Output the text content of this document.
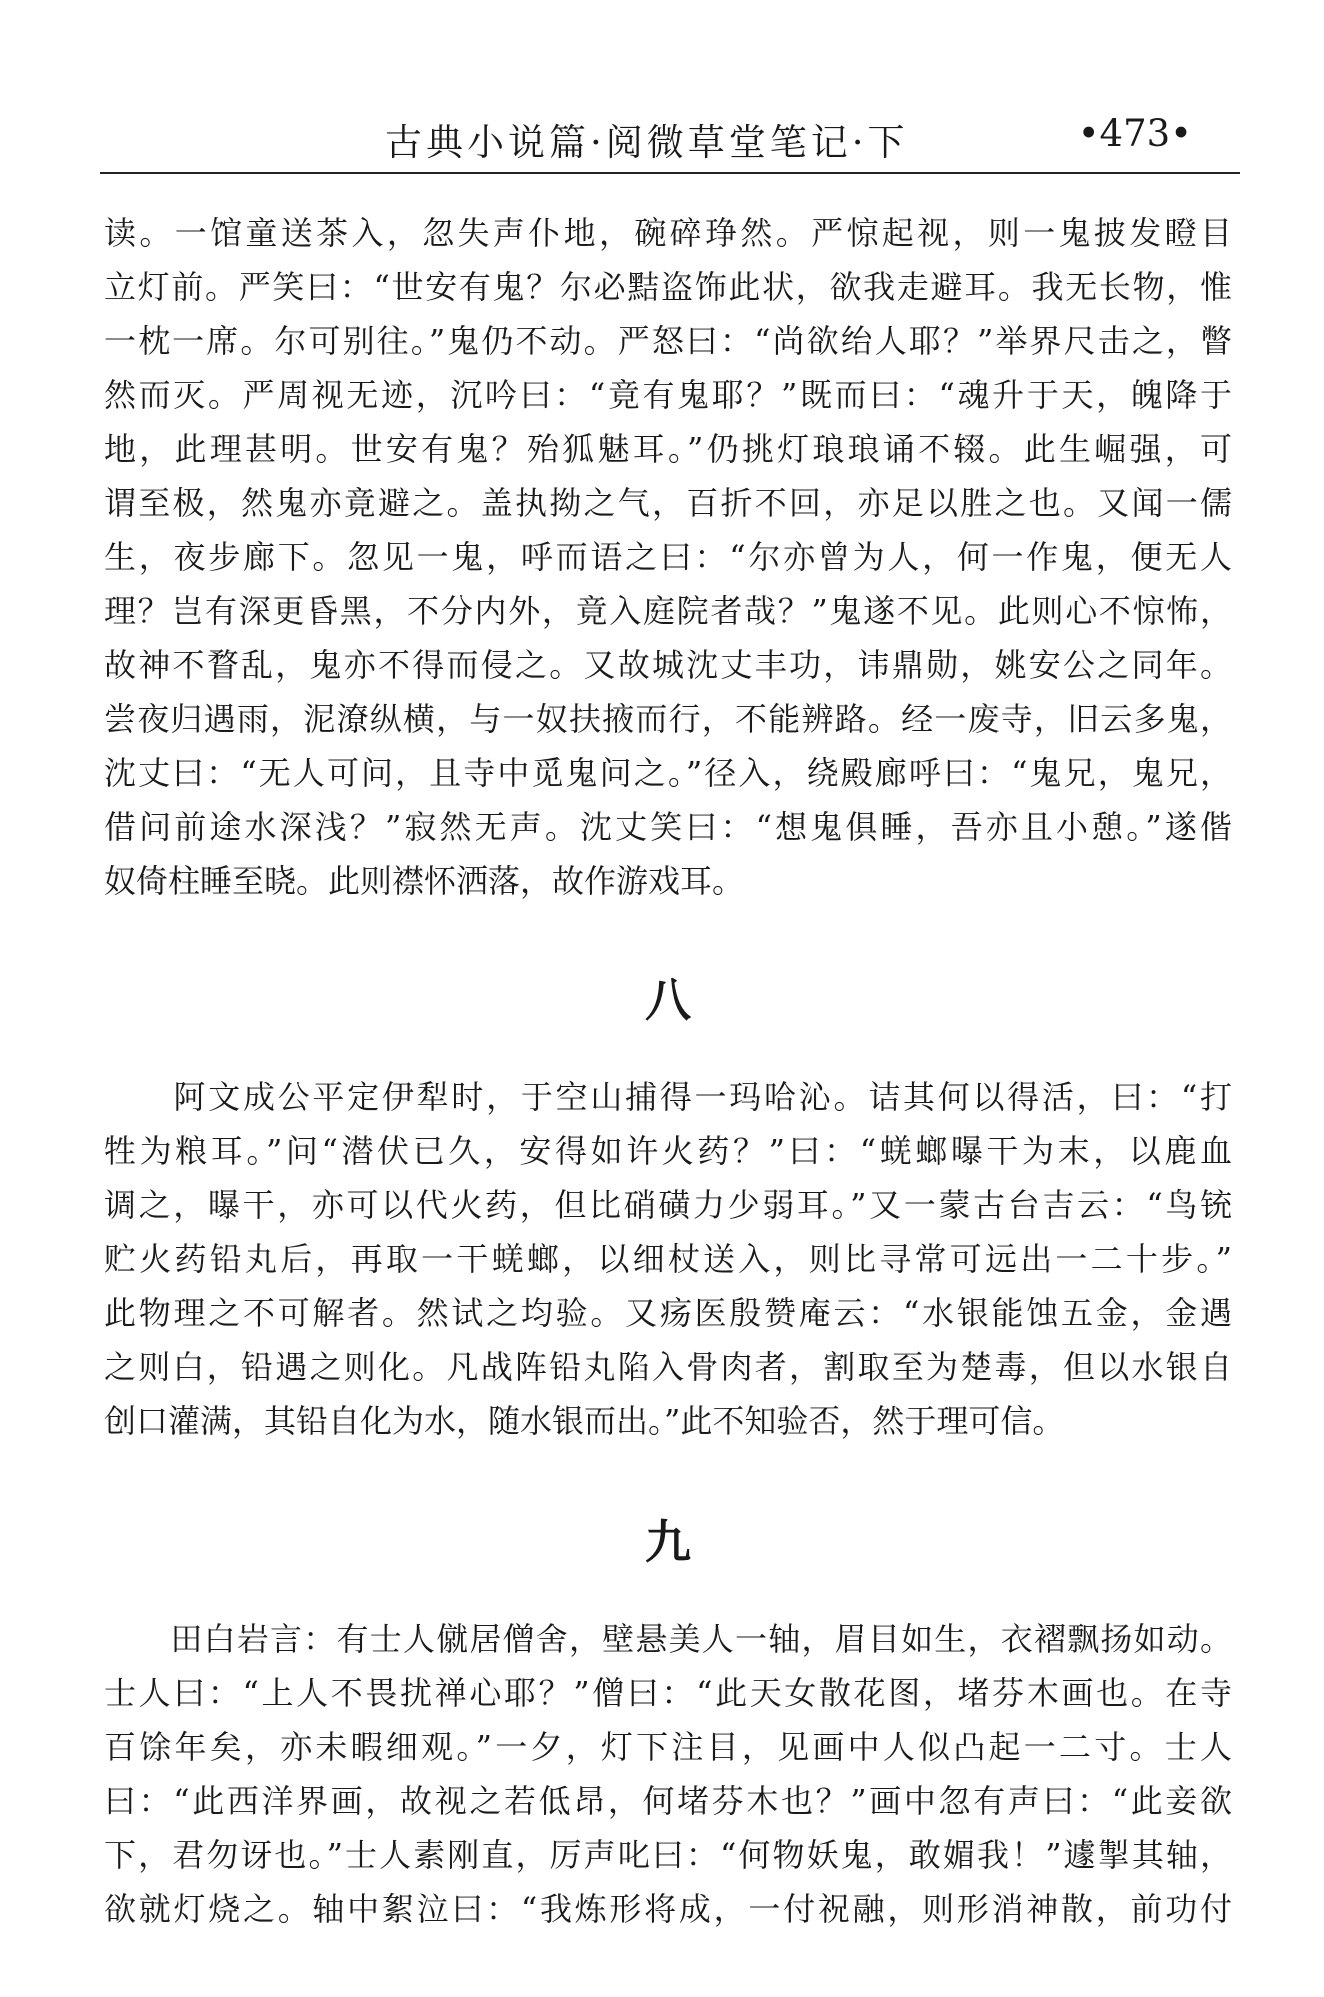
古典小说篇·阅微草堂笔记·下	•473•
读。一馆童送茶入，忽失声仆地，碗碎琤然。严惊起视，则一鬼披发瞪目
立灯前。严笑曰：“世安有鬼？尔必黠盗饰此状，欲我走避耳。我无长物，惟
一枕一席。尔可别往。”鬼仍不动。严怒曰：“尚欲绐人耶？”举界尺击之，瞥
然而灭。严周视无迹，沉吟曰：“竟有鬼耶？”既而曰：“魂升于天，魄降于
地，此理甚明。世安有鬼？殆狐魅耳。”仍挑灯琅琅诵不辍。此生崛强，可
谓至极，然鬼亦竟避之。盖执拗之气，百折不回，亦足以胜之也。又闻一儒
生，夜步廊下。忽见一鬼，呼而语之曰：“尔亦曾为人，何一作鬼，便无人
理？岂有深更昏黑，不分内外，竟入庭院者哉？”鬼遂不见。此则心不惊怖，
故神不瞀乱，鬼亦不得而侵之。又故城沈丈丰功，讳鼎勋，姚安公之同年。
尝夜归遇雨，泥潦纵横，与一奴扶掖而行，不能辨路。经一废寺，旧云多鬼，
沈丈曰：“无人可问，且寺中觅鬼问之。”径入，绕殿廊呼曰：“鬼兄，鬼兄，
借问前途水深浅？”寂然无声。沈丈笑曰：“想鬼俱睡，吾亦且小憩。”遂偕
奴倚柱睡至晓。此则襟怀洒落，故作游戏耳。
八
　　阿文成公平定伊犁时，于空山捕得一玛哈沁。诘其何以得活，曰：“打
牲为粮耳。”问“潜伏已久，安得如许火药？”曰：“蜣螂曝干为末，以鹿血
调之，曝干，亦可以代火药，但比硝磺力少弱耳。”又一蒙古台吉云：“鸟铳
贮火药铅丸后，再取一干蜣螂，以细杖送入，则比寻常可远出一二十步。”
此物理之不可解者。然试之均验。又疡医殷赞庵云：“水银能蚀五金，金遇
之则白，铅遇之则化。凡战阵铅丸陷入骨肉者，割取至为楚毒，但以水银自
创口灌满，其铅自化为水，随水银而出。”此不知验否，然于理可信。
九
　　田白岩言：有士人僦居僧舍，壁悬美人一轴，眉目如生，衣褶飘扬如动。
士人曰：“上人不畏扰禅心耶？”僧曰：“此天女散花图，堵芬木画也。在寺
百馀年矣，亦未暇细观。”一夕，灯下注目，见画中人似凸起一二寸。士人
曰：“此西洋界画，故视之若低昂，何堵芬木也？”画中忽有声曰：“此妾欲
下，君勿讶也。”士人素刚直，厉声叱曰：“何物妖鬼，敢媚我！”遽掣其轴，
欲就灯烧之。轴中絮泣曰：“我炼形将成，一付祝融，则形消神散，前功付
